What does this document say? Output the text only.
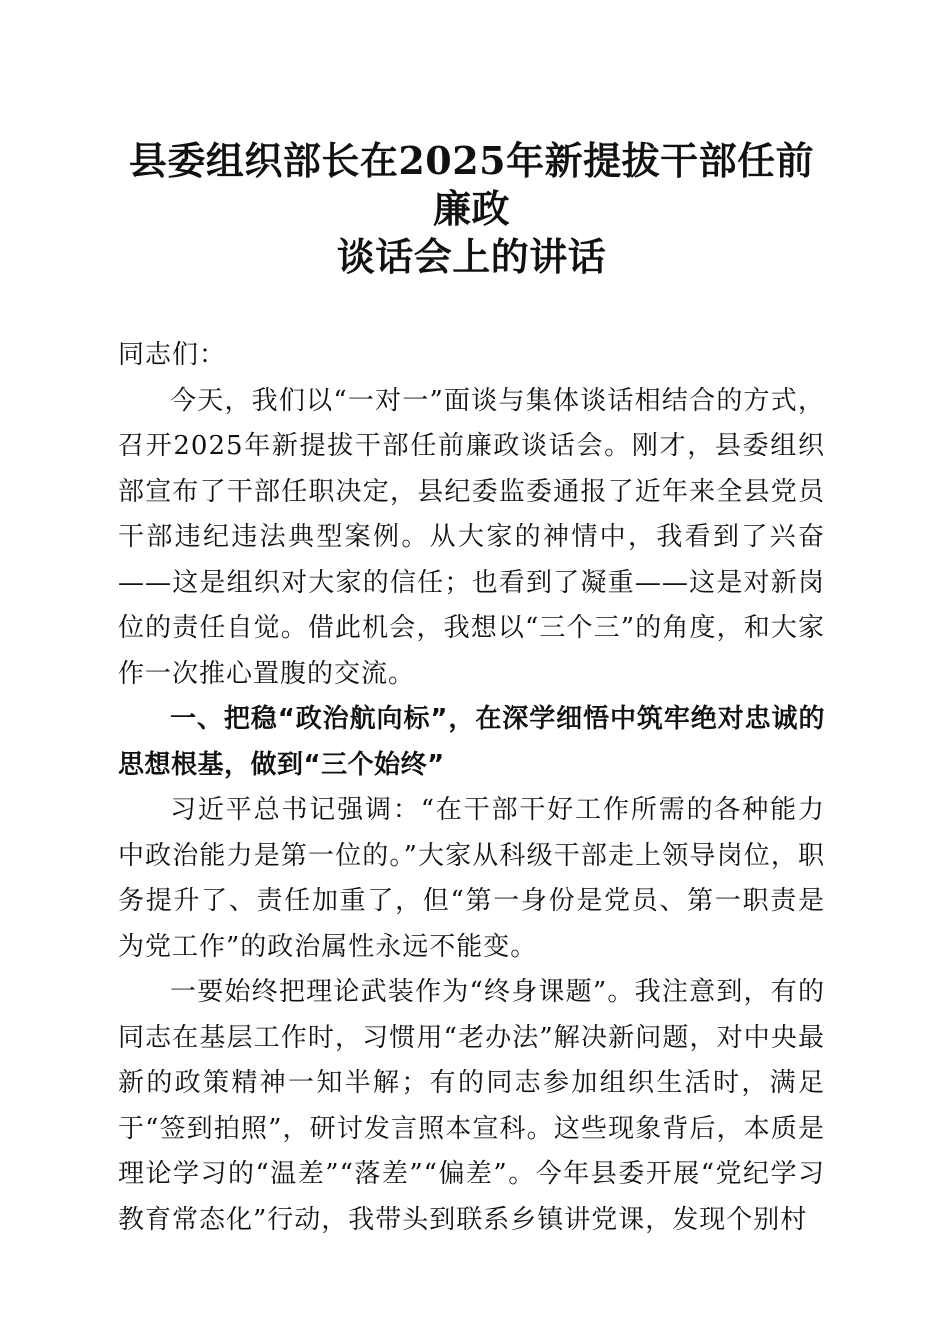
县委组织部长在2025年新提拔干部任前廉政
谈话会上的讲话

同志们：

今天，我们以“一对一”面谈与集体谈话相结合的方式，召开2025年新提拔干部任前廉政谈话会。刚才，县委组织部宣布了干部任职决定，县纪委监委通报了近年来全县党员干部违纪违法典型案例。从大家的神情中，我看到了兴奋——这是组织对大家的信任；也看到了凝重——这是对新岗位的责任自觉。借此机会，我想以“三个三”的角度，和大家作一次推心置腹的交流。

一、把稳“政治航向标”，在深学细悟中筑牢绝对忠诚的思想根基，做到“三个始终”

习近平总书记强调：“在干部干好工作所需的各种能力中政治能力是第一位的。”大家从科级干部走上领导岗位，职务提升了、责任加重了，但“第一身份是党员、第一职责是为党工作”的政治属性永远不能变。

一要始终把理论武装作为“终身课题”。我注意到，有的同志在基层工作时，习惯用“老办法”解决新问题，对中央最新的政策精神一知半解；有的同志参加组织生活时，满足于“签到拍照”，研讨发言照本宣科。这些现象背后，本质是理论学习的“温差”“落差”“偏差”。今年县委开展“党纪学习教育常态化”行动，我带头到联系乡镇讲党课，发现个别村
